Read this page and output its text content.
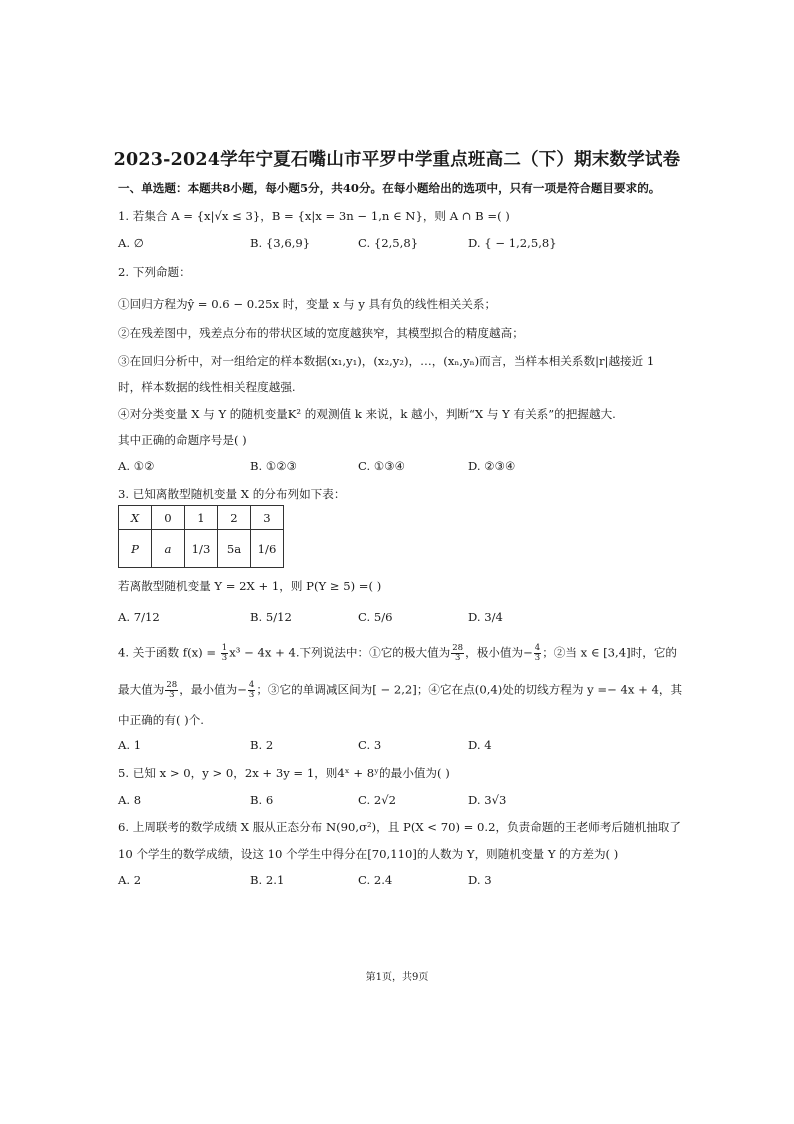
2023-2024学年宁夏石嘴山市平罗中学重点班高二（下）期末数学试卷
一、单选题：本题共8小题，每小题5分，共40分。在每小题给出的选项中，只有一项是符合题目要求的。
1. 若集合 A = {x|√x ≤ 3}，B = {x|x = 3n − 1,n ∈ N}，则 A ∩ B =( )
A. ∅	B. {3,6,9}	C. {2,5,8}	D. { − 1,2,5,8}
2. 下列命题：
①回归方程为ŷ = 0.6 − 0.25x 时，变量 x 与 y 具有负的线性相关关系；
②在残差图中，残差点分布的带状区域的宽度越狭窄，其模型拟合的精度越高；
③在回归分析中，对一组给定的样本数据(x₁,y₁)，(x₂,y₂)，…，(xₙ,yₙ)而言，当样本相关系数|r|越接近 1
时，样本数据的线性相关程度越强.
④对分类变量 X 与 Y 的随机变量K² 的观测值 k 来说，k 越小，判断“X 与 Y 有关系”的把握越大.
其中正确的命题序号是( )
A. ①②	B. ①②③	C. ①③④	D. ②③④
3. 已知离散型随机变量 X 的分布列如下表：
X	0	1	2	3
P	a	1/3	5a	1/6
若离散型随机变量 Y = 2X + 1，则 P(Y ≥ 5) =( )
A. 7/12	B. 5/12	C. 5/6	D. 3/4
4. 关于函数 $f(x) = \frac{1}{3} x^3 - 4x + 4$.下列说法中：①它的极大值为 $\frac{28}{3}$ ，极小值为− $\frac{4}{3}$ ；②当 x ∈ [3,4]时，它的
最大值为 $\frac{28}{3}$ ，最小值为− $\frac{4}{3}$ ；③它的单调减区间为[ − 2,2]；④它在点(0,4)处的切线方程为 y =− 4x + 4，其
中正确的有( )个.
A. 1	B. 2	C. 3	D. 4
5. 已知 x > 0，y > 0，2x + 3y = 1，则4ˣ + 8ʸ的最小值为( )
A. 8	B. 6	C. 2√2	D. 3√3
6. 上周联考的数学成绩 X 服从正态分布 N(90,σ²)，且 P(X < 70) = 0.2，负责命题的王老师考后随机抽取了
10 个学生的数学成绩，设这 10 个学生中得分在[70,110]的人数为 Y，则随机变量 Y 的方差为( )
A. 2	B. 2.1	C. 2.4	D. 3
第1页，共9页
